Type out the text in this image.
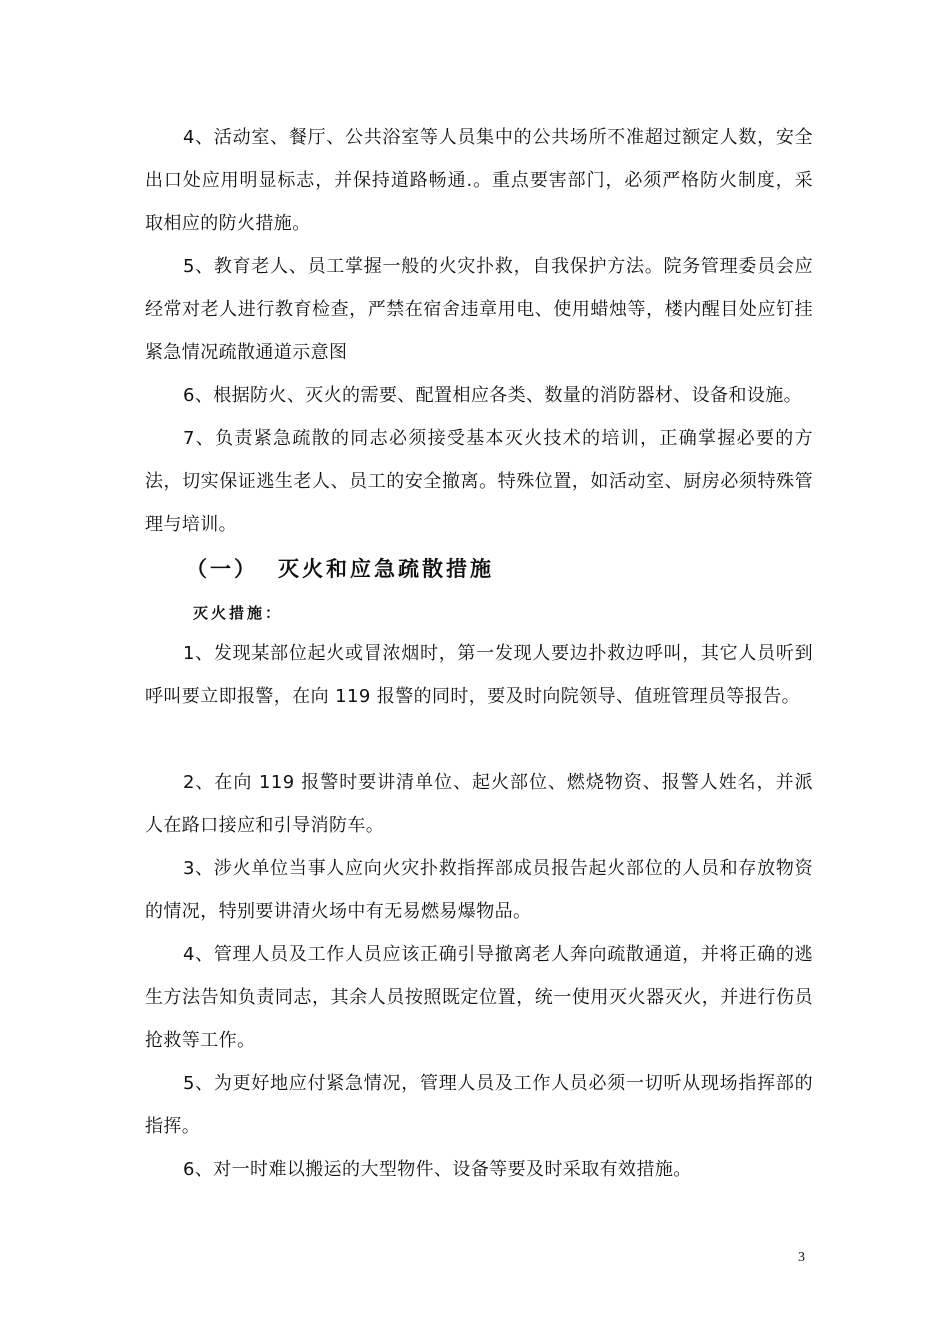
4、活动室、餐厅、公共浴室等人员集中的公共场所不准超过额定人数，安全出口处应用明显标志，并保持道路畅通.。重点要害部门，必须严格防火制度，采取相应的防火措施。

5、教育老人、员工掌握一般的火灾扑救，自我保护方法。院务管理委员会应经常对老人进行教育检查，严禁在宿舍违章用电、使用蜡烛等，楼内醒目处应钉挂紧急情况疏散通道示意图

6、根据防火、灭火的需要、配置相应各类、数量的消防器材、设备和设施。

7、负责紧急疏散的同志必须接受基本灭火技术的培训，正确掌握必要的方法，切实保证逃生老人、员工的安全撤离。特殊位置，如活动室、厨房必须特殊管理与培训。

（一） 灭火和应急疏散措施
灭火措施：

1、发现某部位起火或冒浓烟时，第一发现人要边扑救边呼叫，其它人员听到呼叫要立即报警，在向 119 报警的同时，要及时向院领导、值班管理员等报告。

2、在向 119 报警时要讲清单位、起火部位、燃烧物资、报警人姓名，并派人在路口接应和引导消防车。

3、涉火单位当事人应向火灾扑救指挥部成员报告起火部位的人员和存放物资的情况，特别要讲清火场中有无易燃易爆物品。

4、管理人员及工作人员应该正确引导撤离老人奔向疏散通道，并将正确的逃生方法告知负责同志，其余人员按照既定位置，统一使用灭火器灭火，并进行伤员抢救等工作。

5、为更好地应付紧急情况，管理人员及工作人员必须一切听从现场指挥部的指挥。

6、对一时难以搬运的大型物件、设备等要及时采取有效措施。

3
